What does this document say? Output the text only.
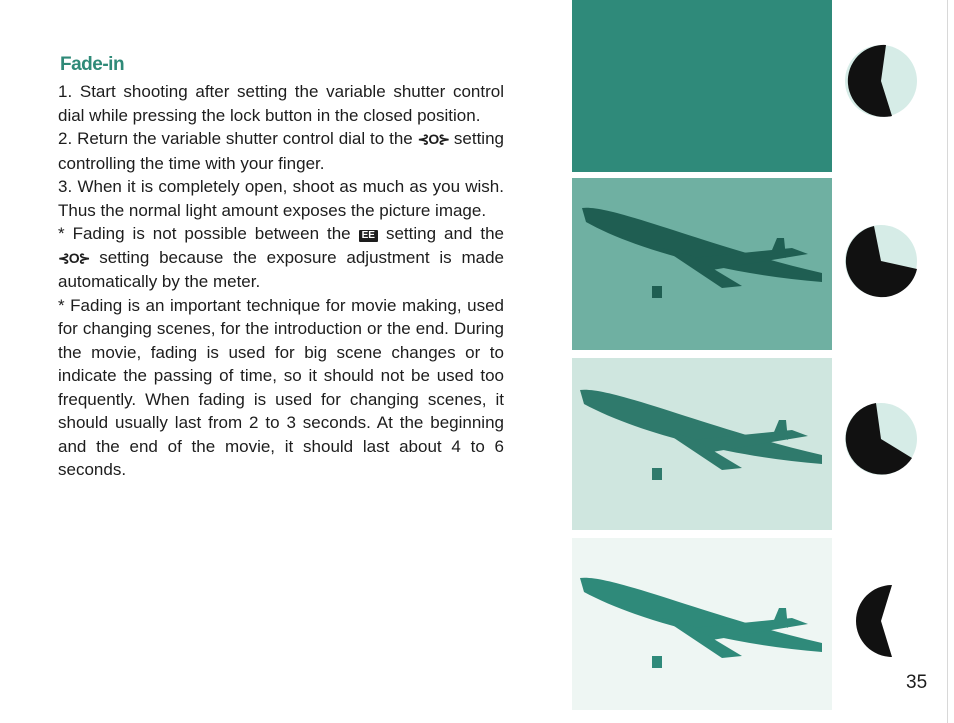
Fade-in

1. Start shooting after setting the variable shutter control dial while pressing the lock button in the closed position.

2. Return the variable shutter control dial to the ⊰O⊱ setting controlling the time with your finger.

3. When it is completely open, shoot as much as you wish. Thus the normal light amount exposes the picture image.

* Fading is not possible between the EE setting and the ⊰O⊱ setting because the exposure adjustment is made automatically by the meter.

* Fading is an important technique for movie making, used for changing scenes, for the introduction or the end. During the movie, fading is used for big scene changes or to indicate the passing of time, so it should not be used too frequently. When fading is used for changing scenes, it should usually last from 2 to 3 seconds. At the beginning and the end of the movie, it should last about 4 to 6 seconds.

35
